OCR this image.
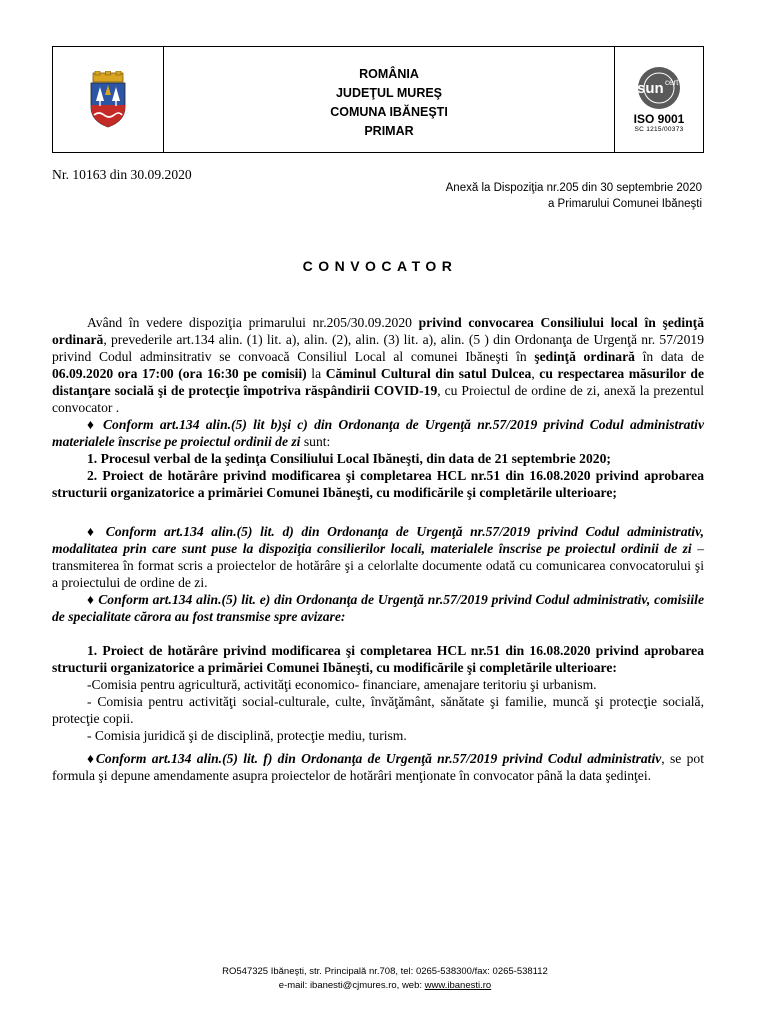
ROMÂNIA
JUDEŢUL MUREŞ
COMUNA IBĂNEŞTI
PRIMAR
sun cert
ISO 9001
SC 1215/00373
Nr. 10163 din 30.09.2020
Anexă la Dispoziţia nr.205 din 30 septembrie 2020
a Primarului Comunei Ibăneşti
CONVOCATOR

Având în vedere dispoziţia primarului nr.205/30.09.2020 privind convocarea Consiliului local în şedinţă ordinară, prevederile art.134 alin. (1) lit. a), alin. (2), alin. (3) lit. a), alin. (5 ) din Ordonanţa de Urgenţă nr. 57/2019 privind Codul adminsitrativ se convoacă Consiliul Local al comunei Ibăneşti în şedinţă ordinară în data de 06.09.2020 ora 17:00 (ora 16:30 pe comisii) la Căminul Cultural din satul Dulcea, cu respectarea măsurilor de distanţare socială şi de protecţie împotriva răspândirii COVID-19, cu Proiectul de ordine de zi, anexă la prezentul convocator .

♦ Conform art.134 alin.(5) lit b)şi c) din Ordonanţa de Urgenţă nr.57/2019 privind Codul administrativ materialele înscrise pe proiectul ordinii de zi sunt:

1. Procesul verbal de la şedinţa Consiliului Local Ibăneşti, din data de 21 septembrie 2020;

2. Proiect de hotărâre privind modificarea şi completarea HCL nr.51 din 16.08.2020 privind aprobarea structurii organizatorice a primăriei Comunei Ibăneşti, cu modificările şi completările ulterioare;

♦ Conform art.134 alin.(5) lit. d) din Ordonanţa de Urgenţă nr.57/2019 privind Codul administrativ, modalitatea prin care sunt puse la dispoziţia consilierilor locali, materialele înscrise pe proiectul ordinii de zi – transmiterea în format scris a proiectelor de hotărâre şi a celorlalte documente odată cu comunicarea convocatorului şi a proiectului de ordine de zi.

♦ Conform art.134 alin.(5) lit. e) din Ordonanţa de Urgenţă nr.57/2019 privind Codul administrativ, comisiile de specialitate cărora au fost transmise spre avizare:

1. Proiect de hotărâre privind modificarea şi completarea HCL nr.51 din 16.08.2020 privind aprobarea structurii organizatorice a primăriei Comunei Ibăneşti, cu modificările şi completările ulterioare:

-Comisia pentru agricultură, activităţi economico- financiare, amenajare teritoriu şi urbanism.

- Comisia pentru activităţi social-culturale, culte, învăţământ, sănătate şi familie, muncă şi protecţie socială, protecţie copii.

- Comisia juridică şi de disciplină, protecţie mediu, turism.

♦Conform art.134 alin.(5) lit. f) din Ordonanţa de Urgenţă nr.57/2019 privind Codul administrativ, se pot formula şi depune amendamente asupra proiectelor de hotărâri menţionate în convocator până la data şedinţei.

RO547325 Ibăneşti, str. Principală nr.708, tel: 0265-538300/fax: 0265-538112
e-mail: ibanesti@cjmures.ro, web: www.ibanesti.ro
